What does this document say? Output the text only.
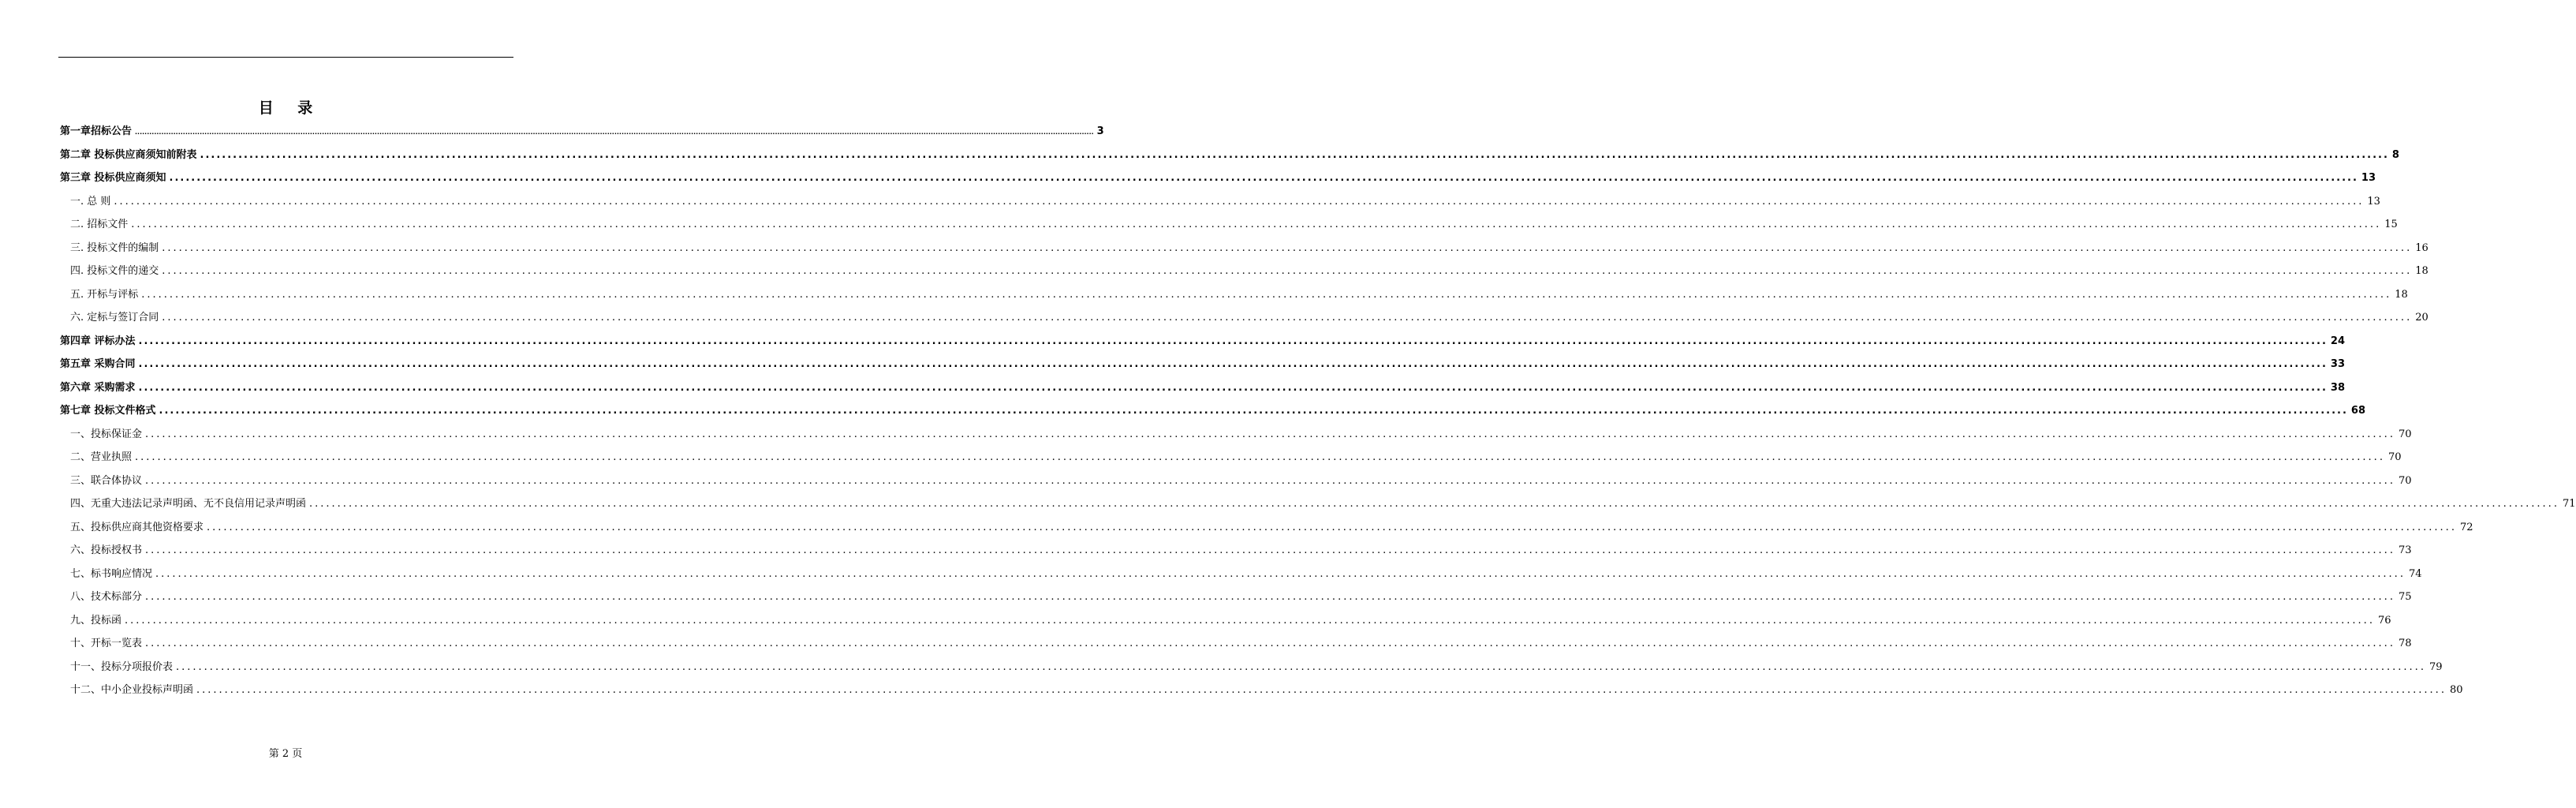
目 录
第一章招标公告 ................................................................................................................................................................................................................................................................................................................................................................................................................ 3
第二章 投标供应商须知前附表 ................................................................................................................................................................................................................................................................................................................................................................................................................ 8
第三章 投标供应商须知 ................................................................................................................................................................................................................................................................................................................................................................................................................ 13
一. 总 则 ................................................................................................................................................................................................................................................................................................................................................................................................................ 13
二. 招标文件 ................................................................................................................................................................................................................................................................................................................................................................................................................ 15
三. 投标文件的编制 ................................................................................................................................................................................................................................................................................................................................................................................................................ 16
四. 投标文件的递交 ................................................................................................................................................................................................................................................................................................................................................................................................................ 18
五. 开标与评标 ................................................................................................................................................................................................................................................................................................................................................................................................................ 18
六. 定标与签订合同 ................................................................................................................................................................................................................................................................................................................................................................................................................ 20
第四章 评标办法 ................................................................................................................................................................................................................................................................................................................................................................................................................ 24
第五章 采购合同 ................................................................................................................................................................................................................................................................................................................................................................................................................ 33
第六章 采购需求 ................................................................................................................................................................................................................................................................................................................................................................................................................ 38
第七章 投标文件格式 ................................................................................................................................................................................................................................................................................................................................................................................................................ 68
一、投标保证金 ................................................................................................................................................................................................................................................................................................................................................................................................................ 70
二、营业执照 ................................................................................................................................................................................................................................................................................................................................................................................................................ 70
三、联合体协议 ................................................................................................................................................................................................................................................................................................................................................................................................................ 70
四、无重大违法记录声明函、无不良信用记录声明函 ................................................................................................................................................................................................................................................................................................................................................................................................................ 71
五、投标供应商其他资格要求 ................................................................................................................................................................................................................................................................................................................................................................................................................ 72
六、投标授权书 ................................................................................................................................................................................................................................................................................................................................................................................................................ 73
七、标书响应情况 ................................................................................................................................................................................................................................................................................................................................................................................................................ 74
八、技术标部分 ................................................................................................................................................................................................................................................................................................................................................................................................................ 75
九、投标函 ................................................................................................................................................................................................................................................................................................................................................................................................................ 76
十、开标一览表 ................................................................................................................................................................................................................................................................................................................................................................................................................ 78
十一、投标分项报价表 ................................................................................................................................................................................................................................................................................................................................................................................................................ 79
十二、中小企业投标声明函 ................................................................................................................................................................................................................................................................................................................................................................................................................ 80
第 2 页
